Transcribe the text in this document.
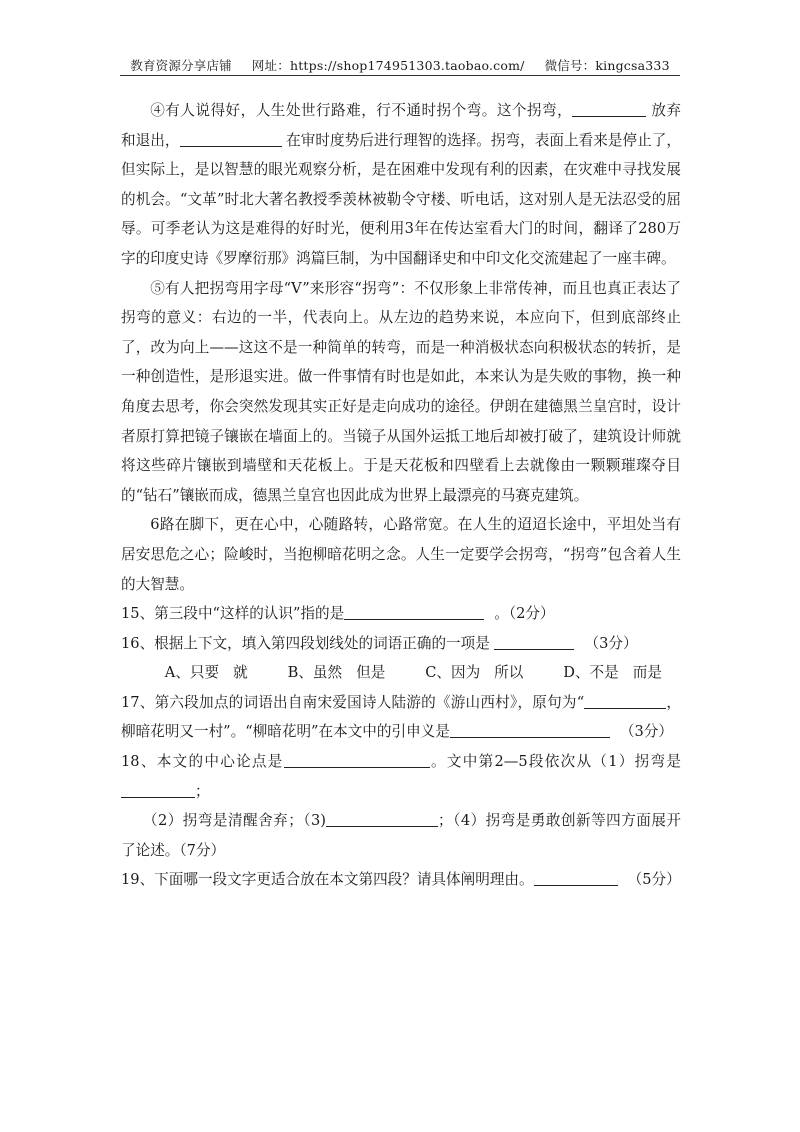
教育资源分享店铺 网址：https://shop174951303.taobao.com/ 微信号：kingcsa333

④有人说得好，人生处世行路难，行不通时拐个弯。这个拐弯，	放弃和退出，	在审时度势后进行理智的选择。拐弯，表面上看来是停止了，但实际上，是以智慧的眼光观察分析，是在困难中发现有利的因素，在灾难中寻找发展的机会。“文革”时北大著名教授季羡林被勒令守楼、听电话，这对别人是无法忍受的屈辱。可季老认为这是难得的好时光，便利用3年在传达室看大门的时间，翻译了280万字的印度史诗《罗摩衍那》鸿篇巨制，为中国翻译史和中印文化交流建起了一座丰碑。

⑤有人把拐弯用字母“V”来形容“拐弯”：不仅形象上非常传神，而且也真正表达了拐弯的意义：右边的一半，代表向上。从左边的趋势来说，本应向下，但到底部终止了，改为向上——这这不是一种简单的转弯，而是一种消极状态向积极状态的转折，是一种创造性，是形退实进。做一件事情有时也是如此，本来认为是失败的事物，换一种角度去思考，你会突然发现其实正好是走向成功的途径。伊朗在建德黑兰皇宫时，设计者原打算把镜子镶嵌在墙面上的。当镜子从国外运抵工地后却被打破了，建筑设计师就将这些碎片镶嵌到墙壁和天花板上。于是天花板和四壁看上去就像由一颗颗璀璨夺目的“钻石”镶嵌而成，德黑兰皇宫也因此成为世界上最漂亮的马赛克建筑。

6路在脚下，更在心中，心随路转，心路常宽。在人生的迢迢长途中，平坦处当有居安思危之心；险峻时，当抱柳暗花明之念。人生一定要学会拐弯，“拐弯”包含着人生的大智慧。

15、第三段中“这样的认识”指的是	。（2分）

16、根据上下文，填入第四段划线处的词语正确的一项是	（3分）

A、只要 就	B、虽然 但是	C、因为 所以	D、不是 而是

17、第六段加点的词语出自南宋爱国诗人陆游的《游山西村》，原句为“	，柳暗花明又一村”。“柳暗花明”在本文中的引申义是	（3分）

18、本文的中心论点是	。文中第2—5段依次从（1）拐弯是；

（2）拐弯是清醒舍弃；（3)	；（4）拐弯是勇敢创新等四方面展开了论述。（7分）

19、下面哪一段文字更适合放在本文第四段？请具体阐明理由。	（5分）
